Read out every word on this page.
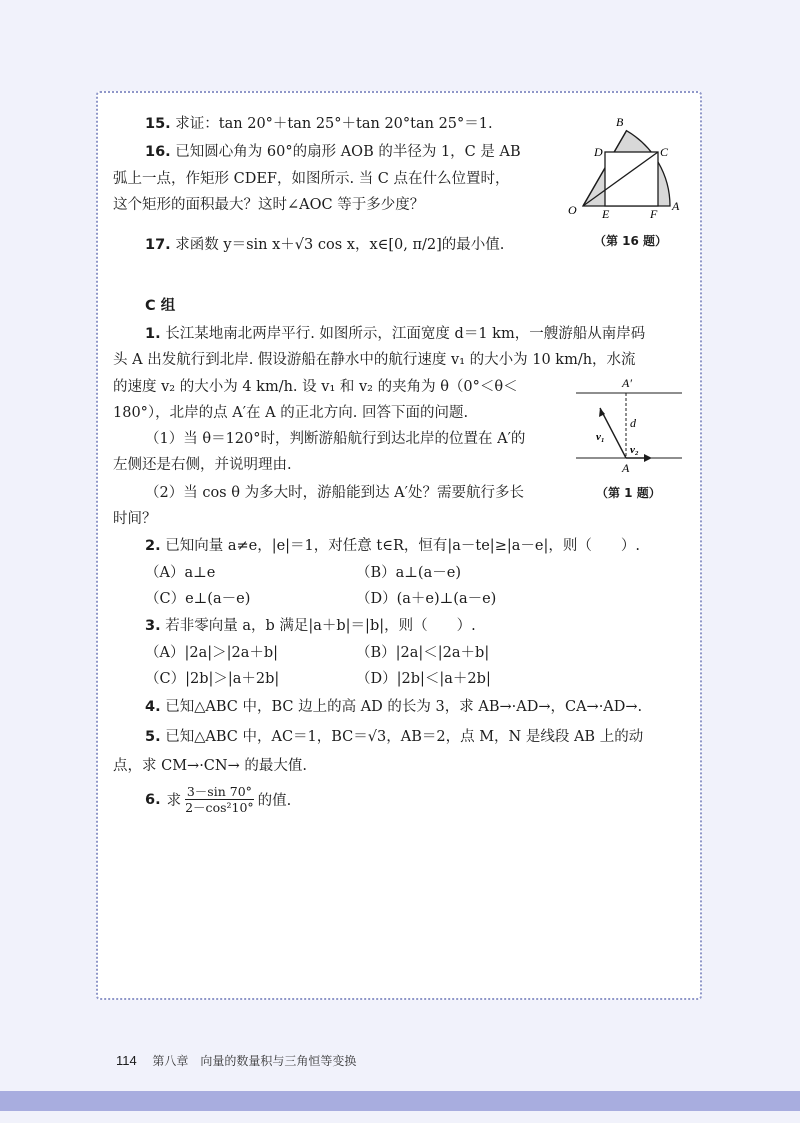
15. 求证：tan 20°＋tan 25°＋tan 20°tan 25°＝1.
16. 已知圆心角为 60°的扇形 AOB 的半径为 1，C 是 AB
弧上一点，作矩形 CDEF，如图所示. 当 C 点在什么位置时，
这个矩形的面积最大？这时∠AOC 等于多少度？
17. 求函数 y＝sin x＋√3 cos x，x∈[0, π/2]的最小值.
B
D	C
O E	F
A
（第 16 题）
C 组
1. 长江某地南北两岸平行. 如图所示，江面宽度 d＝1 km，一艘游船从南岸码
头 A 出发航行到北岸. 假设游船在静水中的航行速度 v₁ 的大小为 10 km/h，水流
的速度 v₂ 的大小为 4 km/h. 设 v₁ 和 v₂ 的夹角为 θ（0°＜θ＜
180°），北岸的点 A′在 A 的正北方向. 回答下面的问题.
（1）当 θ＝120°时，判断游船航行到达北岸的位置在 A′的
左侧还是右侧，并说明理由.
（2）当 cos θ 为多大时，游船能到达 A′处？需要航行多长
时间？
A′
d
v₁
v₂
A
（第 1 题）
2. 已知向量 a≠e，|e|＝1，对任意 t∈R，恒有|a－te|≥|a－e|，则（　　）.
（A）a⊥e	（B）a⊥(a－e)
（C）e⊥(a－e)	（D）(a＋e)⊥(a－e)
3. 若非零向量 a，b 满足|a＋b|＝|b|，则（　　）.
（A）|2a|＞|2a＋b|	（B）|2a|＜|2a＋b|
（C）|2b|＞|a＋2b|	（D）|2b|＜|a＋2b|
4. 已知△ABC 中，BC 边上的高 AD 的长为 3，求 AB→·AD→，CA→·AD→.
5. 已知△ABC 中，AC＝1，BC＝√3，AB＝2，点 M，N 是线段 AB 上的动
点，求 CM→·CN→ 的最大值.
6. 求
3－sin 70°
2－cos²10° 的值.
114 第八章　向量的数量积与三角恒等变换
